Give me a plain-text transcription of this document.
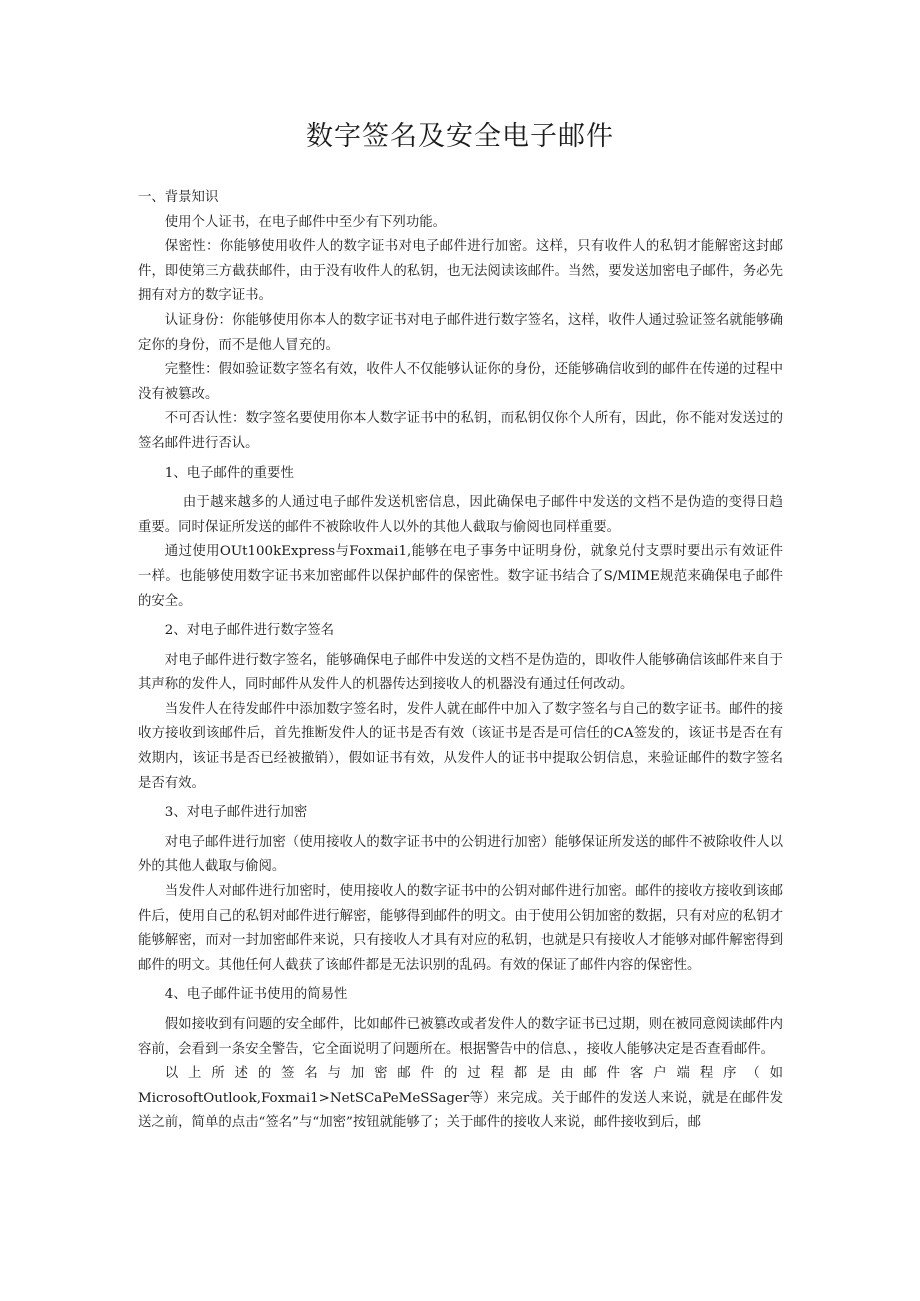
数字签名及安全电子邮件

一、背景知识

使用个人证书，在电子邮件中至少有下列功能。

保密性：你能够使用收件人的数字证书对电子邮件进行加密。这样，只有收件人的私钥才能解密这封邮件，即使第三方截获邮件，由于没有收件人的私钥，也无法阅读该邮件。当然，要发送加密电子邮件，务必先拥有对方的数字证书。

认证身份：你能够使用你本人的数字证书对电子邮件进行数字签名，这样，收件人通过验证签名就能够确定你的身份，而不是他人冒充的。

完整性：假如验证数字签名有效，收件人不仅能够认证你的身份，还能够确信收到的邮件在传递的过程中没有被篡改。

不可否认性：数字签名要使用你本人数字证书中的私钥，而私钥仅你个人所有，因此，你不能对发送过的签名邮件进行否认。

1、电子邮件的重要性

由于越来越多的人通过电子邮件发送机密信息，因此确保电子邮件中发送的文档不是伪造的变得日趋重要。同时保证所发送的邮件不被除收件人以外的其他人截取与偷阅也同样重要。

通过使用OUt100kExpress与Foxmai1,能够在电子事务中证明身份，就象兑付支票时要出示有效证件一样。也能够使用数字证书来加密邮件以保护邮件的保密性。数字证书结合了S/MIME规范来确保电子邮件的安全。

2、对电子邮件进行数字签名

对电子邮件进行数字签名，能够确保电子邮件中发送的文档不是伪造的，即收件人能够确信该邮件来自于其声称的发件人，同时邮件从发件人的机器传达到接收人的机器没有通过任何改动。

当发件人在待发邮件中添加数字签名时，发件人就在邮件中加入了数字签名与自己的数字证书。邮件的接收方接收到该邮件后，首先推断发件人的证书是否有效（该证书是否是可信任的CA签发的，该证书是否在有效期内，该证书是否已经被撤销），假如证书有效，从发件人的证书中提取公钥信息，来验证邮件的数字签名是否有效。

3、对电子邮件进行加密

对电子邮件进行加密（使用接收人的数字证书中的公钥进行加密）能够保证所发送的邮件不被除收件人以外的其他人截取与偷阅。

当发件人对邮件进行加密时，使用接收人的数字证书中的公钥对邮件进行加密。邮件的接收方接收到该邮件后，使用自己的私钥对邮件进行解密，能够得到邮件的明文。由于使用公钥加密的数据，只有对应的私钥才能够解密，而对一封加密邮件来说，只有接收人才具有对应的私钥，也就是只有接收人才能够对邮件解密得到邮件的明文。其他任何人截获了该邮件都是无法识别的乱码。有效的保证了邮件内容的保密性。

4、电子邮件证书使用的简易性

假如接收到有问题的安全邮件，比如邮件已被篡改或者发件人的数字证书已过期，则在被同意阅读邮件内容前，会看到一条安全警告，它全面说明了问题所在。根据警告中的信息、，接收人能够决定是否查看邮件。

以上所述的签名与加密邮件的过程都是由邮件客户端程序（如

MicrosoftOutlook,Foxmai1>NetSCaPeMeSSager等）来完成。关于邮件的发送人来说，就是在邮件发送之前，简单的点击“签名”与“加密”按钮就能够了；关于邮件的接收人来说，邮件接收到后，邮
